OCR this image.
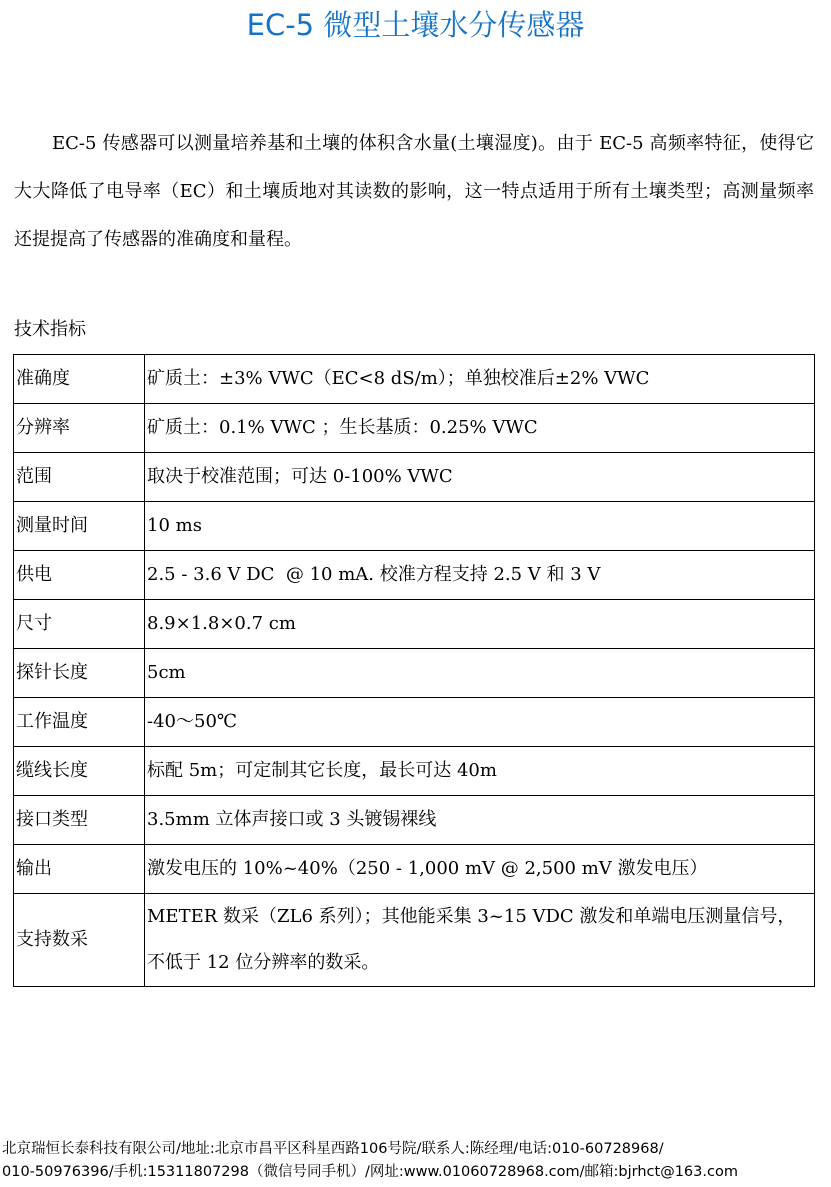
EC-5 微型土壤水分传感器
EC-5 传感器可以测量培养基和土壤的体积含水量(土壤湿度)。由于 EC-5 高频率特征，使得它大大降低了电导率（EC）和土壤质地对其读数的影响，这一特点适用于所有土壤类型；高测量频率还提提高了传感器的准确度和量程。
技术指标
准确度	矿质土：±3% VWC（EC<8 dS/m）；单独校准后±2% VWC
分辨率	矿质土：0.1% VWC ；生长基质：0.25% VWC
范围	取决于校准范围；可达 0-100% VWC
测量时间	10 ms
供电	2.5 - 3.6 V DC  @ 10 mA. 校准方程支持 2.5 V 和 3 V
尺寸	8.9×1.8×0.7 cm
探针长度	5cm
工作温度	-40～50℃
缆线长度	标配 5m；可定制其它长度，最长可达 40m
接口类型	3.5mm 立体声接口或 3 头镀锡裸线
输出	激发电压的 10%~40%（250 - 1,000 mV @ 2,500 mV 激发电压）
支持数采	METER 数采（ZL6 系列）；其他能采集 3~15 VDC 激发和单端电压测量信号，不低于 12 位分辨率的数采。
北京瑞恒长泰科技有限公司/地址:北京市昌平区科星西路106号院/联系人:陈经理/电话:010-60728968/
010-50976396/手机:15311807298（微信号同手机）/网址:www.01060728968.com/邮箱:bjrhct@163.com
